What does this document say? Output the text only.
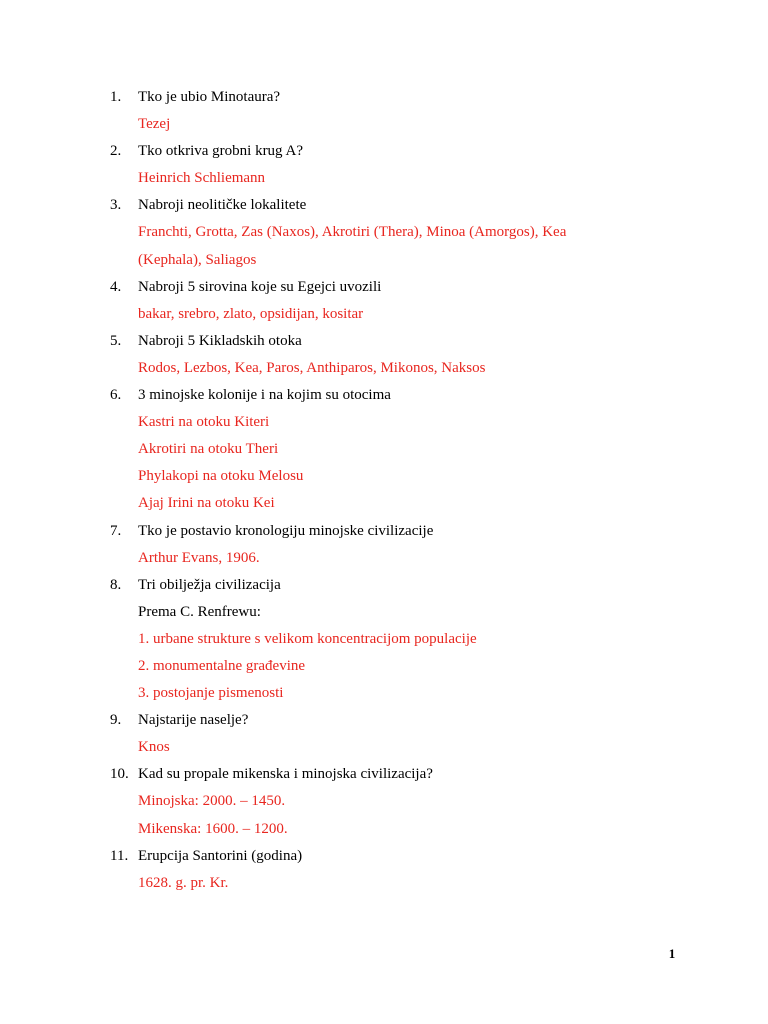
1. Tko je ubio Minotaura?
Tezej
2. Tko otkriva grobni krug A?
Heinrich Schliemann
3. Nabroji neolitičke lokalitete
Franchti, Grotta, Zas (Naxos), Akrotiri (Thera), Minoa (Amorgos), Kea
(Kephala), Saliagos
4. Nabroji 5 sirovina koje su Egejci uvozili
bakar, srebro, zlato, opsidijan, kositar
5. Nabroji 5 Kikladskih otoka
Rodos, Lezbos, Kea, Paros, Anthiparos, Mikonos, Naksos
6. 3 minojske kolonije i na kojim su otocima
Kastri na otoku Kiteri
Akrotiri na otoku Theri
Phylakopi na otoku Melosu
Ajaj Irini na otoku Kei
7. Tko je postavio kronologiju minojske civilizacije
Arthur Evans, 1906.
8. Tri obilježja civilizacija
Prema C. Renfrewu:
1. urbane strukture s velikom koncentracijom populacije
2. monumentalne građevine
3. postojanje pismenosti
9. Najstarije naselje?
Knos
10. Kad su propale mikenska i minojska civilizacija?
Minojska: 2000. – 1450.
Mikenska: 1600. – 1200.
11. Erupcija Santorini (godina)
1628. g. pr. Kr.
1
